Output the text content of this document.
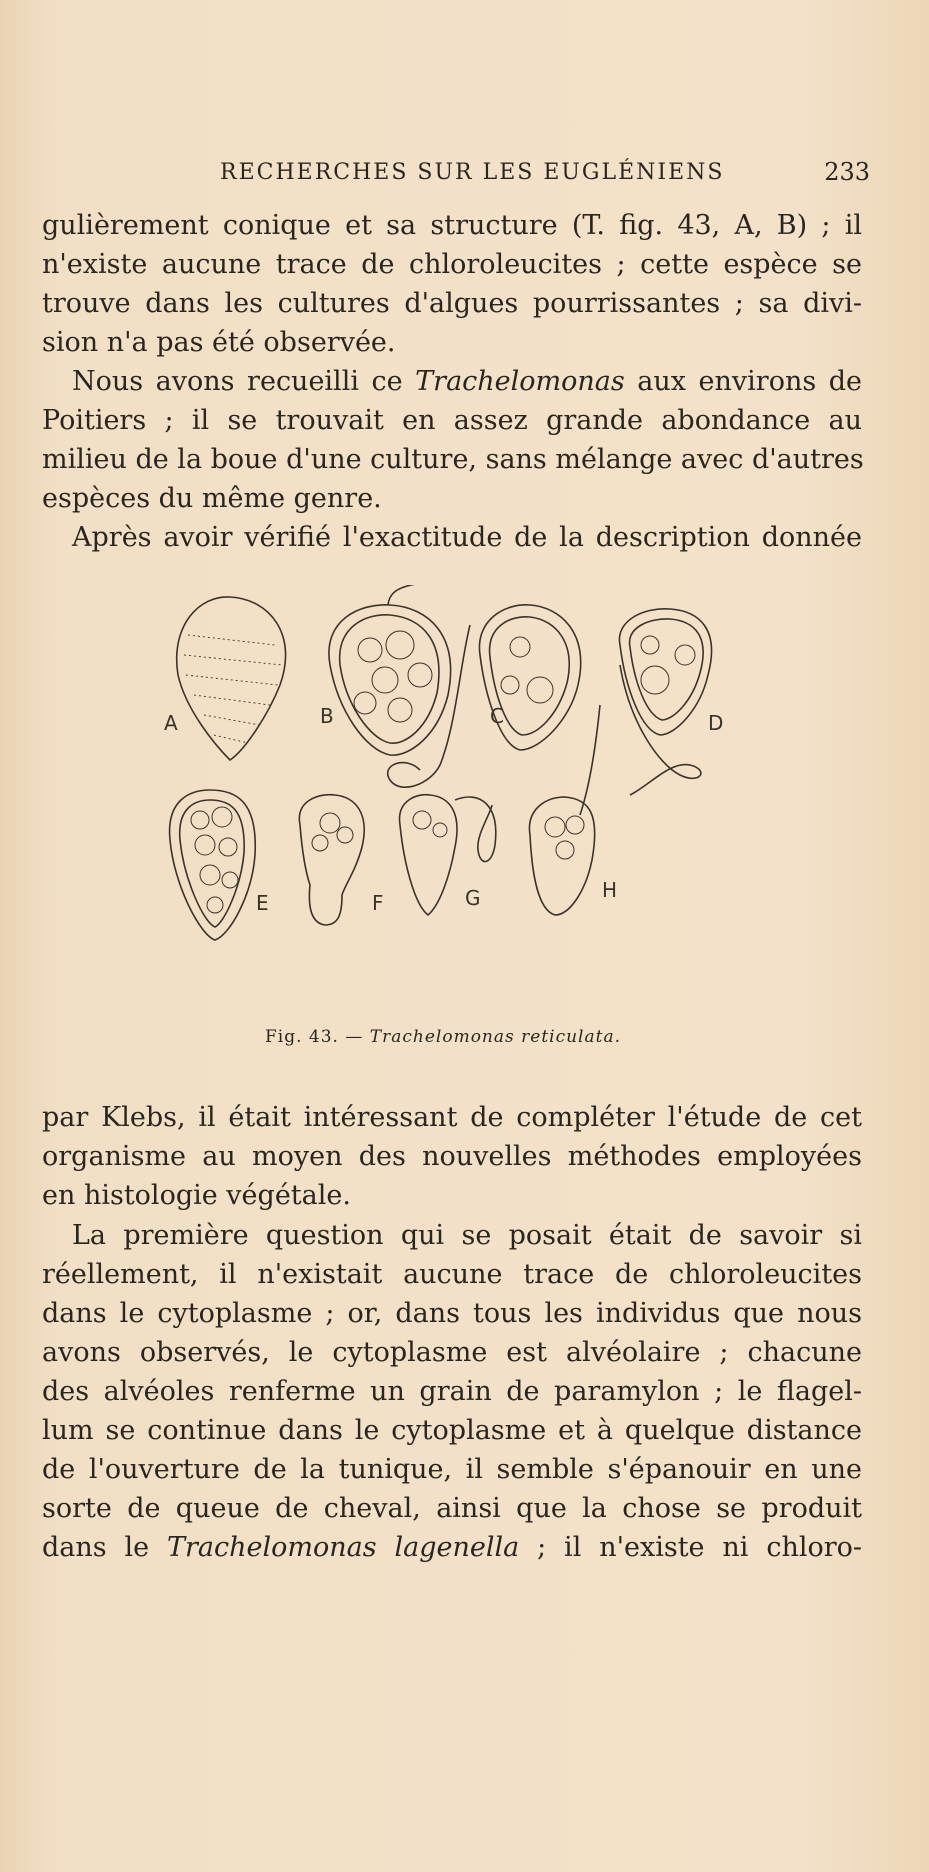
RECHERCHES SUR LES EUGLÉNIENS	233

gulièrement conique et sa structure (T. fig. 43, A, B) ; il
n'existe aucune trace de chloroleucites ; cette espèce se
trouve dans les cultures d'algues pourrissantes ; sa divi-
sion n'a pas été observée.

Nous avons recueilli ce Trachelomonas aux environs de
Poitiers ; il se trouvait en assez grande abondance au
milieu de la boue d'une culture, sans mélange avec d'autres
espèces du même genre.

Après avoir vérifié l'exactitude de la description donnée

A	B	C	D
E	F	G	H
Fig. 43. — Trachelomonas reticulata.

par Klebs, il était intéressant de compléter l'étude de cet
organisme au moyen des nouvelles méthodes employées
en histologie végétale.

La première question qui se posait était de savoir si
réellement, il n'existait aucune trace de chloroleucites
dans le cytoplasme ; or, dans tous les individus que nous
avons observés, le cytoplasme est alvéolaire ; chacune
des alvéoles renferme un grain de paramylon ; le flagel-
lum se continue dans le cytoplasme et à quelque distance
de l'ouverture de la tunique, il semble s'épanouir en une
sorte de queue de cheval, ainsi que la chose se produit
dans le Trachelomonas lagenella ; il n'existe ni chloro-
